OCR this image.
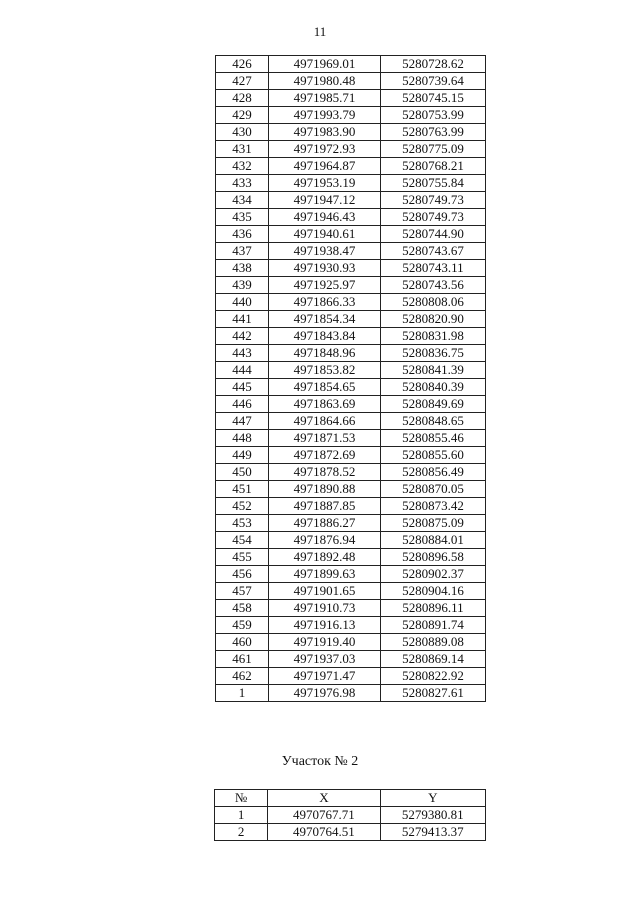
11
426	4971969.01	5280728.62
427	4971980.48	5280739.64
428	4971985.71	5280745.15
429	4971993.79	5280753.99
430	4971983.90	5280763.99
431	4971972.93	5280775.09
432	4971964.87	5280768.21
433	4971953.19	5280755.84
434	4971947.12	5280749.73
435	4971946.43	5280749.73
436	4971940.61	5280744.90
437	4971938.47	5280743.67
438	4971930.93	5280743.11
439	4971925.97	5280743.56
440	4971866.33	5280808.06
441	4971854.34	5280820.90
442	4971843.84	5280831.98
443	4971848.96	5280836.75
444	4971853.82	5280841.39
445	4971854.65	5280840.39
446	4971863.69	5280849.69
447	4971864.66	5280848.65
448	4971871.53	5280855.46
449	4971872.69	5280855.60
450	4971878.52	5280856.49
451	4971890.88	5280870.05
452	4971887.85	5280873.42
453	4971886.27	5280875.09
454	4971876.94	5280884.01
455	4971892.48	5280896.58
456	4971899.63	5280902.37
457	4971901.65	5280904.16
458	4971910.73	5280896.11
459	4971916.13	5280891.74
460	4971919.40	5280889.08
461	4971937.03	5280869.14
462	4971971.47	5280822.92
1	4971976.98	5280827.61
Участок № 2
№	X	Y
1	4970767.71	5279380.81
2	4970764.51	5279413.37
